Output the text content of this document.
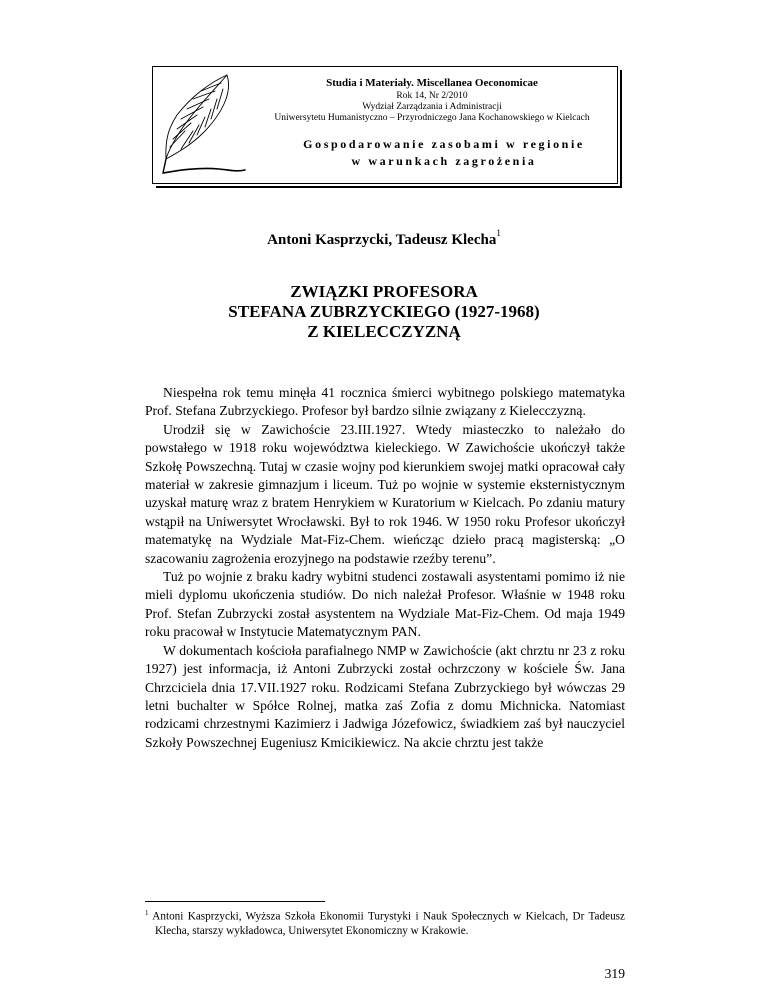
Studia i Materiały. Miscellanea Oeconomicae
Rok 14, Nr 2/2010
Wydział Zarządzania i Administracji
Uniwersytetu Humanistyczno – Przyrodniczego Jana Kochanowskiego w Kielcach
Gospodarowanie zasobami w regionie
w warunkach zagrożenia
Antoni Kasprzycki, Tadeusz Klecha$^1$
ZWIĄZKI PROFESORA
STEFANA ZUBRZYCKIEGO (1927-1968)
Z KIELECCZYZNĄ

Niespełna rok temu minęła 41 rocznica śmierci wybitnego polskiego matematyka Prof. Stefana Zubrzyckiego. Profesor był bardzo silnie związany z Kielecczyzną.

Urodził się w Zawichoście 23.III.1927. Wtedy miasteczko to należało do powstałego w 1918 roku województwa kieleckiego. W Zawichoście ukończył także Szkołę Powszechną. Tutaj w czasie wojny pod kierunkiem swojej matki opracował cały materiał w zakresie gimnazjum i liceum. Tuż po wojnie w systemie eksternistycznym uzyskał maturę wraz z bratem Henrykiem w Kuratorium w Kielcach. Po zdaniu matury wstąpił na Uniwersytet Wrocławski. Był to rok 1946. W 1950 roku Profesor ukończył matematykę na Wydziale Mat-Fiz-Chem. wieńcząc dzieło pracą magisterską: „O szacowaniu zagrożenia erozyjnego na podstawie rzeźby terenu”.

Tuż po wojnie z braku kadry wybitni studenci zostawali asystentami pomimo iż nie mieli dyplomu ukończenia studiów. Do nich należał Profesor. Właśnie w 1948 roku Prof. Stefan Zubrzycki został asystentem na Wydziale Mat-Fiz-Chem. Od maja 1949 roku pracował w Instytucie Matematycznym PAN.

W dokumentach kościoła parafialnego NMP w Zawichoście (akt chrztu nr 23 z roku 1927) jest informacja, iż Antoni Zubrzycki został ochrzczony w kościele Św. Jana Chrzciciela dnia 17.VII.1927 roku. Rodzicami Stefana Zubrzyckiego był wówczas 29 letni buchalter w Spółce Rolnej, matka zaś Zofia z domu Michnicka. Natomiast rodzicami chrzestnymi Kazimierz i Jadwiga Józefowicz, świadkiem zaś był nauczyciel Szkoły Powszechnej Eugeniusz Kmicikiewicz. Na akcie chrztu jest także

$^1$ Antoni Kasprzycki, Wyższa Szkoła Ekonomii Turystyki i Nauk Społecznych w Kielcach, Dr Tadeusz Klecha, starszy wykładowca, Uniwersytet Ekonomiczny w Krakowie.
319
